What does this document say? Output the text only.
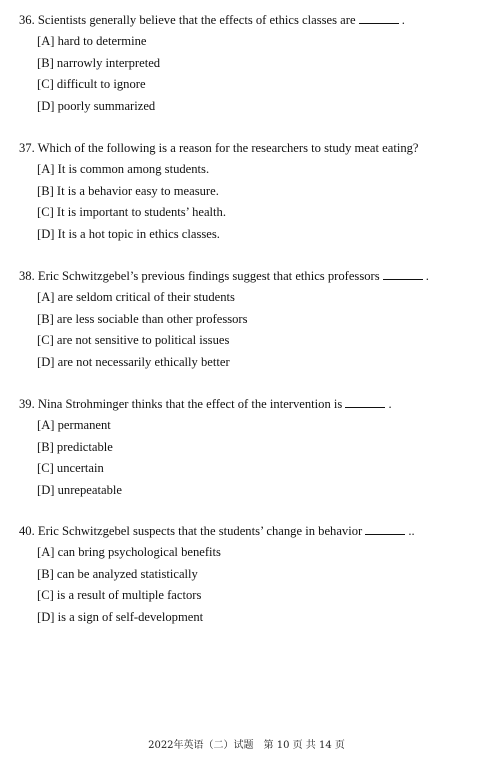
36. Scientists generally believe that the effects of ethics classes are	.

[A] hard to determine
[B] narrowly interpreted
[C] difficult to ignore
[D] poorly summarized

37. Which of the following is a reason for the researchers to study meat eating?

[A] It is common among students.
[B] It is a behavior easy to measure.
[C] It is important to students’ health.
[D] It is a hot topic in ethics classes.

38. Eric Schwitzgebel’s previous findings suggest that ethics professors	.

[A] are seldom critical of their students
[B] are less sociable than other professors
[C] are not sensitive to political issues
[D] are not necessarily ethically better

39. Nina Strohminger thinks that the effect of the intervention is	.

[A] permanent
[B] predictable
[C] uncertain
[D] unrepeatable

40. Eric Schwitzgebel suspects that the students’ change in behavior	..

[A] can bring psychological benefits
[B] can be analyzed statistically
[C] is a result of multiple factors
[D] is a sign of self-development
2022年英语（二）试题　第 10 页 共 14 页
